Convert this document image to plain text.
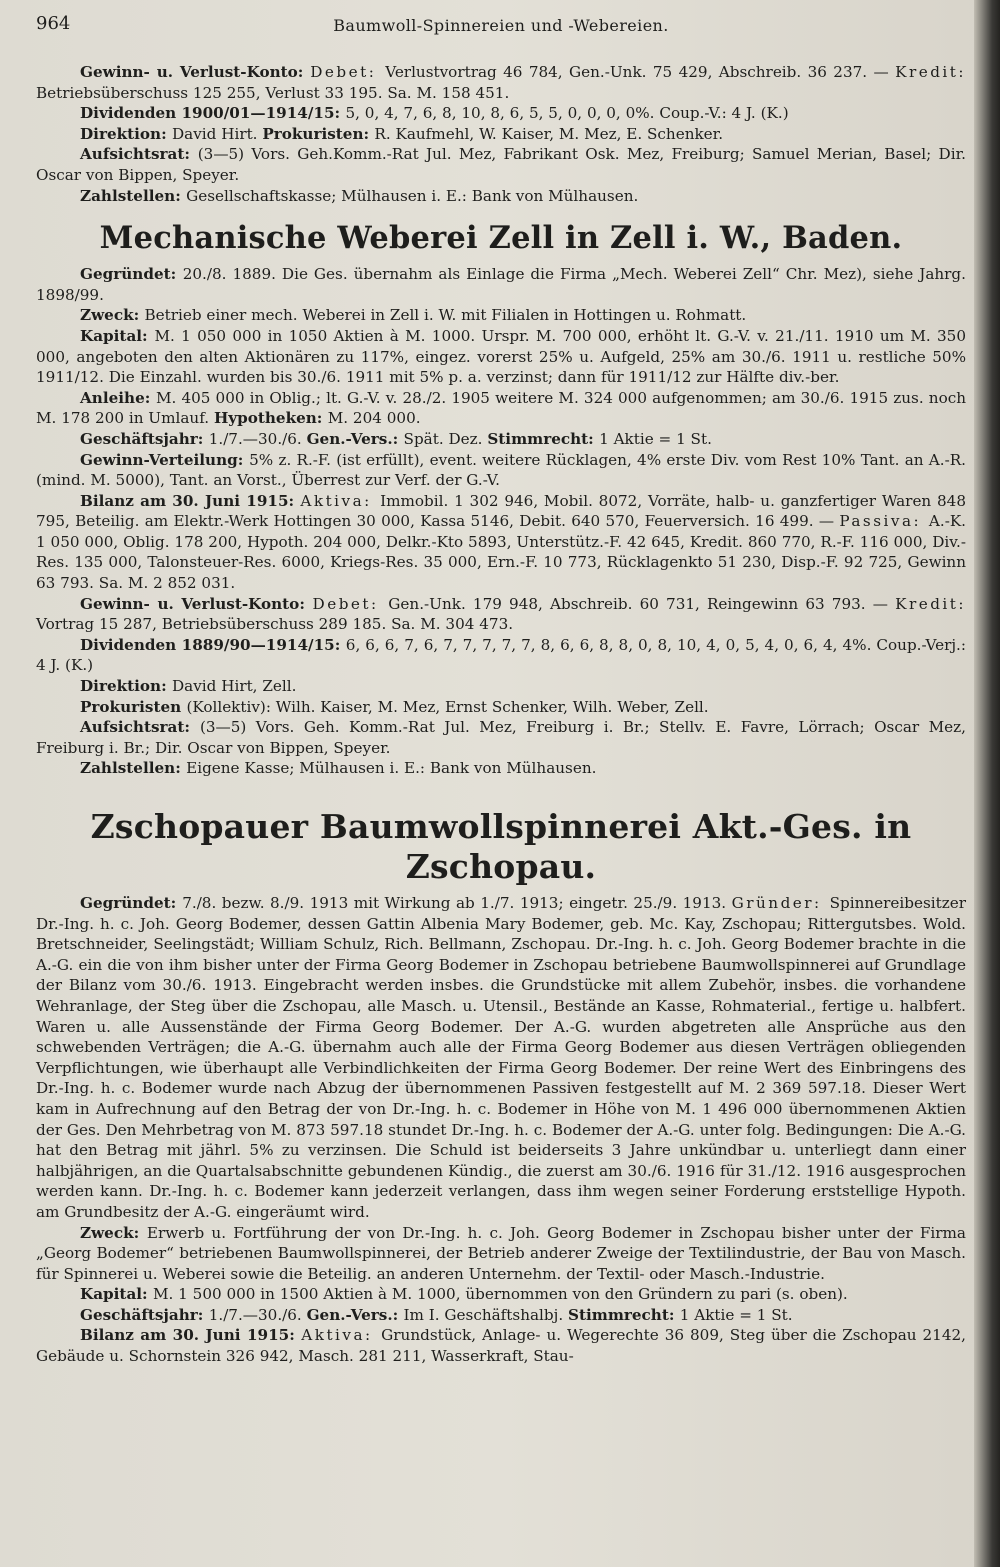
964	Baumwoll-Spinnereien und -Webereien.

Gewinn- u. Verlust-Konto: Debet: Verlustvortrag 46 784, Gen.-Unk. 75 429, Abschreib. 36 237. — Kredit:Betriebsüberschuss 125 255, Verlust 33 195. Sa. M. 158 451.

Dividenden 1900/01—1914/15: 5, 0, 4, 7, 6, 8, 10, 8, 6, 5, 5, 0, 0, 0, 0%. Coup.-V.: 4 J. (K.)

Direktion: David Hirt. Prokuristen: R. Kaufmehl, W. Kaiser, M. Mez, E. Schenker.

Aufsichtsrat: (3—5) Vors. Geh.Komm.-Rat Jul. Mez, Fabrikant Osk. Mez, Freiburg; Samuel Merian, Basel; Dir. Oscar von Bippen, Speyer.

Zahlstellen: Gesellschaftskasse; Mülhausen i. E.: Bank von Mülhausen.

Mechanische Weberei Zell in Zell i. W., Baden.

Gegründet: 20./8. 1889. Die Ges. übernahm als Einlage die Firma „Mech. Weberei Zell“ Chr. Mez), siehe Jahrg. 1898/99.

Zweck: Betrieb einer mech. Weberei in Zell i. W. mit Filialen in Hottingen u. Rohmatt.

Kapital: M. 1 050 000 in 1050 Aktien à M. 1000. Urspr. M. 700 000, erhöht lt. G.-V. v. 21./11. 1910 um M. 350 000, angeboten den alten Aktionären zu 117%, eingez. vorerst 25% u. Aufgeld, 25% am 30./6. 1911 u. restliche 50% 1911/12. Die Einzahl. wurden bis 30./6. 1911 mit 5% p. a. verzinst; dann für 1911/12 zur Hälfte div.-ber.

Anleihe: M. 405 000 in Oblig.; lt. G.-V. v. 28./2. 1905 weitere M. 324 000 aufgenommen; am 30./6. 1915 zus. noch M. 178 200 in Umlauf. Hypotheken: M. 204 000.

Geschäftsjahr: 1./7.—30./6. Gen.-Vers.: Spät. Dez. Stimmrecht: 1 Aktie = 1 St.

Gewinn-Verteilung: 5% z. R.-F. (ist erfüllt), event. weitere Rücklagen, 4% erste Div. vom Rest 10% Tant. an A.-R. (mind. M. 5000), Tant. an Vorst., Überrest zur Verf. der G.-V.

Bilanz am 30. Juni 1915: Aktiva: Immobil. 1 302 946, Mobil. 8072, Vorräte, halb- u. ganzfertiger Waren 848 795, Beteilig. am Elektr.-Werk Hottingen 30 000, Kassa 5146, Debit. 640 570, Feuerversich. 16 499. — Passiva: A.-K. 1 050 000, Oblig. 178 200, Hypoth. 204 000, Delkr.-Kto 5893, Unterstütz.-F. 42 645, Kredit. 860 770, R.-F. 116 000, Div.-Res. 135 000, Talonsteuer-Res. 6000, Kriegs-Res. 35 000, Ern.-F. 10 773, Rücklagenkto 51 230, Disp.-F. 92 725, Gewinn 63 793. Sa. M. 2 852 031.

Gewinn- u. Verlust-Konto: Debet: Gen.-Unk. 179 948, Abschreib. 60 731, Reingewinn 63 793. — Kredit:Vortrag 15 287, Betriebsüberschuss 289 185. Sa. M. 304 473.

Dividenden 1889/90—1914/15: 6, 6, 6, 7, 6, 7, 7, 7, 7, 7, 8, 6, 6, 8, 8, 0, 8, 10, 4, 0, 5, 4, 0, 6, 4, 4%. Coup.-Verj.: 4 J. (K.)

Direktion: David Hirt, Zell.

Prokuristen (Kollektiv): Wilh. Kaiser, M. Mez, Ernst Schenker, Wilh. Weber, Zell.

Aufsichtsrat: (3—5) Vors. Geh. Komm.-Rat Jul. Mez, Freiburg i. Br.; Stellv. E. Favre, Lörrach; Oscar Mez, Freiburg i. Br.; Dir. Oscar von Bippen, Speyer.

Zahlstellen: Eigene Kasse; Mülhausen i. E.: Bank von Mülhausen.

Zschopauer Baumwollspinnerei Akt.-Ges. in Zschopau.

Gegründet: 7./8. bezw. 8./9. 1913 mit Wirkung ab 1./7. 1913; eingetr. 25./9. 1913. Gründer: Spinnereibesitzer Dr.-Ing. h. c. Joh. Georg Bodemer, dessen Gattin Albenia Mary Bodemer, geb. Mc. Kay, Zschopau; Rittergutsbes. Wold. Bretschneider, Seelingstädt; William Schulz, Rich. Bellmann, Zschopau. Dr.-Ing. h. c. Joh. Georg Bodemer brachte in die A.-G. ein die von ihm bisher unter der Firma Georg Bodemer in Zschopau betriebene Baumwollspinnerei auf Grundlage der Bilanz vom 30./6. 1913. Eingebracht werden insbes. die Grundstücke mit allem Zubehör, insbes. die vorhandene Wehranlage, der Steg über die Zschopau, alle Masch. u. Utensil., Bestände an Kasse, Rohmaterial., fertige u. halbfert. Waren u. alle Aussenstände der Firma Georg Bodemer. Der A.-G. wurden abgetreten alle Ansprüche aus den schwebenden Verträgen; die A.-G. übernahm auch alle der Firma Georg Bodemer aus diesen Verträgen obliegenden Verpflichtungen, wie überhaupt alle Verbindlichkeiten der Firma Georg Bodemer. Der reine Wert des Einbringens des Dr.-Ing. h. c. Bodemer wurde nach Abzug der übernommenen Passiven festgestellt auf M. 2 369 597.18. Dieser Wert kam in Aufrechnung auf den Betrag der von Dr.-Ing. h. c. Bodemer in Höhe von M. 1 496 000 übernommenen Aktien der Ges. Den Mehrbetrag von M. 873 597.18 stundet Dr.-Ing. h. c. Bodemer der A.-G. unter folg. Bedingungen: Die A.-G. hat den Betrag mit jährl. 5% zu verzinsen. Die Schuld ist beiderseits 3 Jahre unkündbar u. unterliegt dann einer halbjährigen, an die Quartalsabschnitte gebundenen Kündig., die zuerst am 30./6. 1916 für 31./12. 1916 ausgesprochen werden kann. Dr.-Ing. h. c. Bodemer kann jederzeit verlangen, dass ihm wegen seiner Forderung erststellige Hypoth. am Grundbesitz der A.-G. eingeräumt wird.

Zweck: Erwerb u. Fortführung der von Dr.-Ing. h. c. Joh. Georg Bodemer in Zschopau bisher unter der Firma „Georg Bodemer“ betriebenen Baumwollspinnerei, der Betrieb anderer Zweige der Textilindustrie, der Bau von Masch. für Spinnerei u. Weberei sowie die Beteilig. an anderen Unternehm. der Textil- oder Masch.-Industrie.

Kapital: M. 1 500 000 in 1500 Aktien à M. 1000, übernommen von den Gründern zu pari (s. oben).

Geschäftsjahr: 1./7.—30./6. Gen.-Vers.: Im I. Geschäftshalbj. Stimmrecht: 1 Aktie = 1 St.

Bilanz am 30. Juni 1915: Aktiva: Grundstück, Anlage- u. Wegerechte 36 809, Steg über die Zschopau 2142, Gebäude u. Schornstein 326 942, Masch. 281 211, Wasserkraft, Stau-
